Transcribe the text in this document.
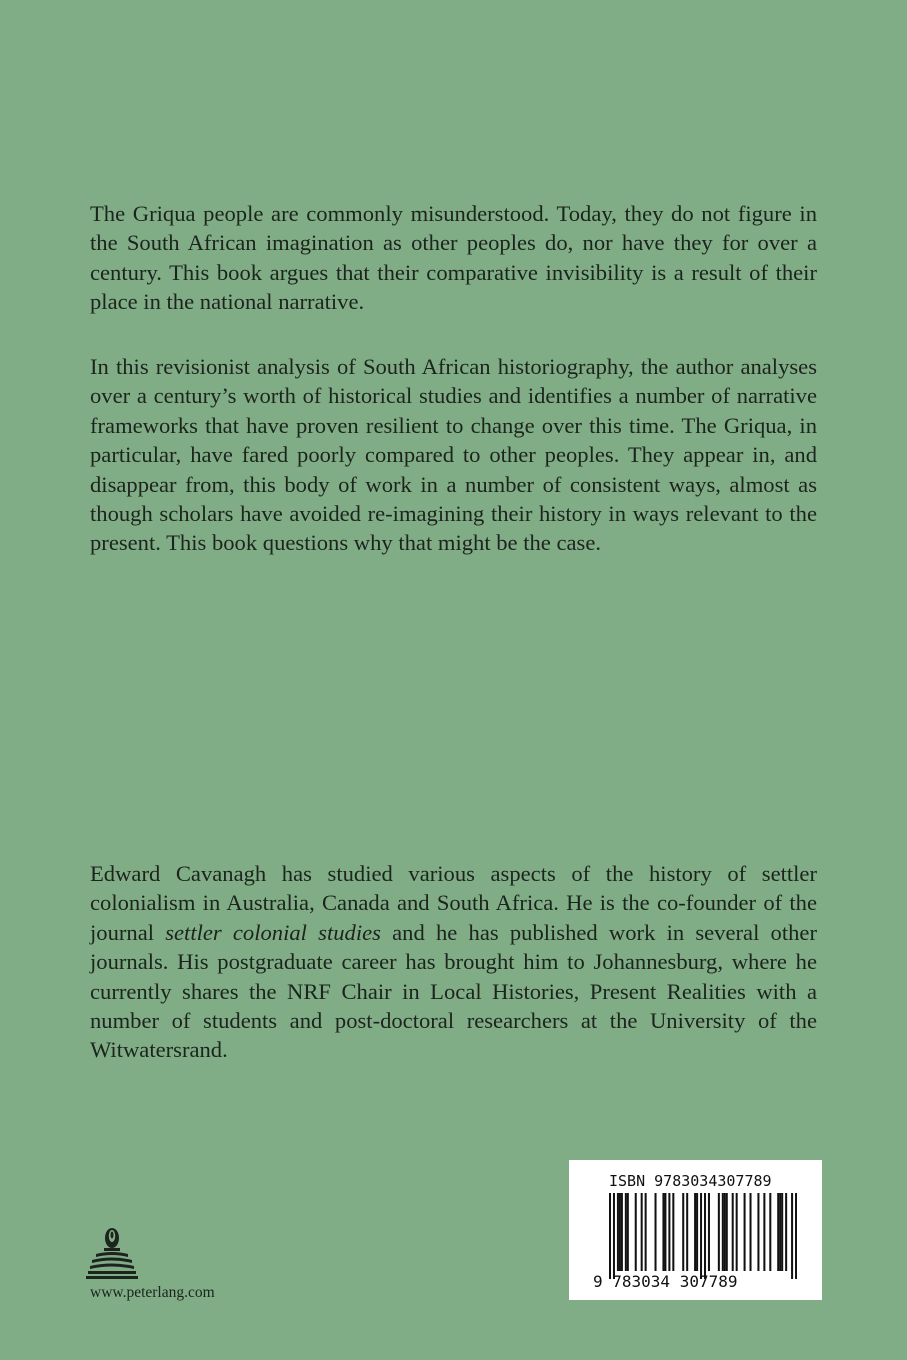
The Griqua people are commonly misunderstood. Today, they do not figure in the South African imagination as other peoples do, nor have they for over a century. This book argues that their comparative invisibility is a result of their place in the national narrative.

In this revisionist analysis of South African historiography, the author analyses over a century’s worth of historical studies and identifies a number of narrative frameworks that have proven resilient to change over this time. The Griqua, in particular, have fared poorly compared to other peoples. They appear in, and disappear from, this body of work in a number of consistent ways, almost as though scholars have avoided re-imagining their history in ways relevant to the present. This book questions why that might be the case.

Edward Cavanagh has studied various aspects of the history of settler colonialism in Australia, Canada and South Africa. He is the co-founder of the journal settler colonial studies and he has published work in several other journals. His postgraduate career has brought him to Johannesburg, where he currently shares the NRF Chair in Local Histories, Present Realities with a number of students and post-doctoral researchers at the University of the Witwatersrand.

www.peterlang.com
ISBN 9783034307789
9 783034 307789
